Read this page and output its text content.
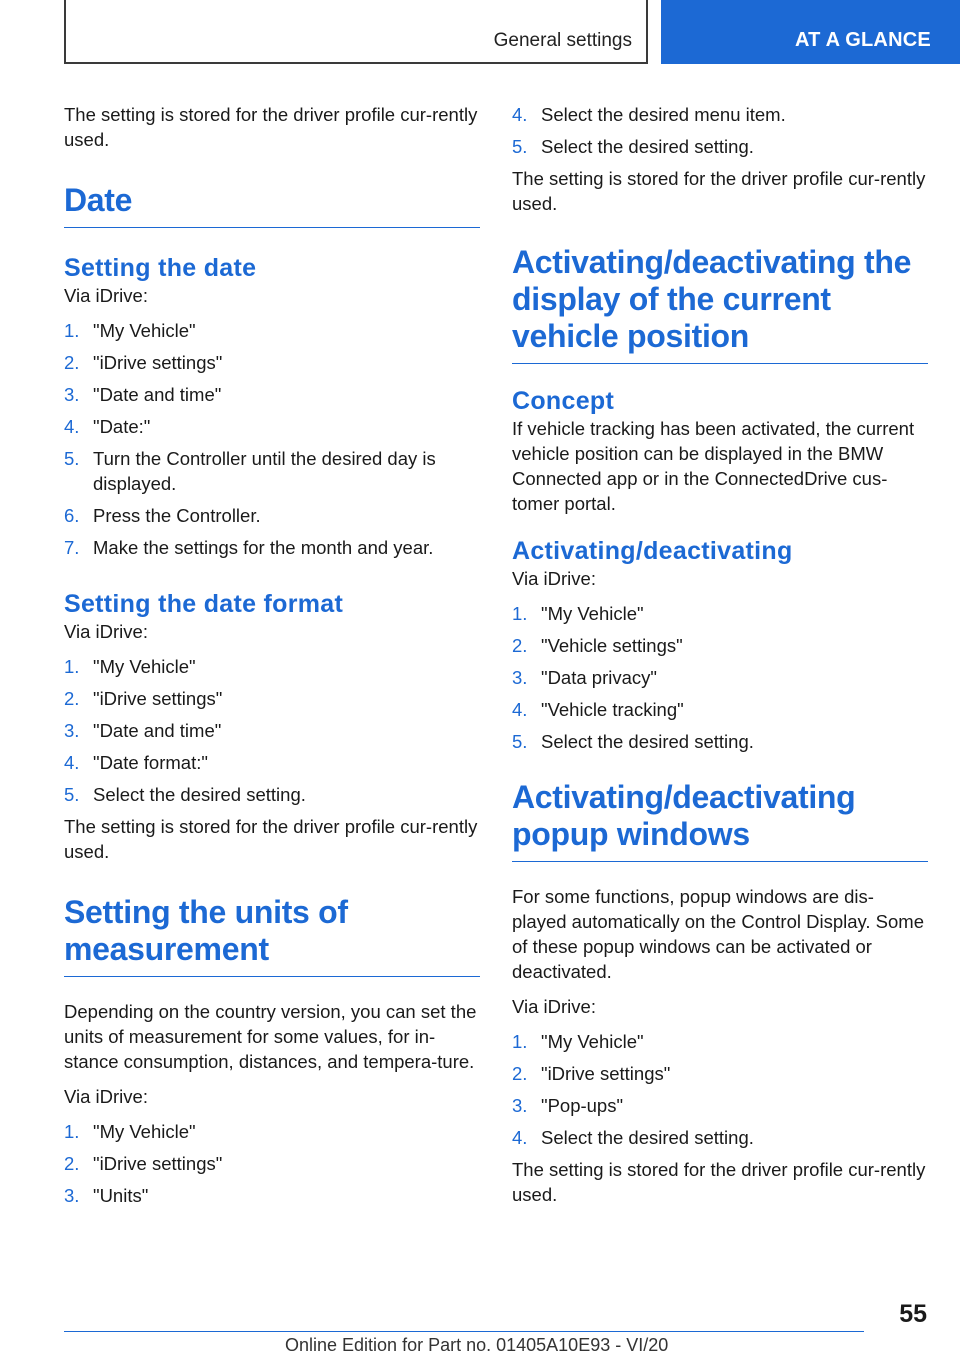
General settings	AT A GLANCE

The setting is stored for the driver profile cur-rently used.

Date
Setting the date

Via iDrive:

1. "My Vehicle"
2. "iDrive settings"
3. "Date and time"
4. "Date:"
5. Turn the Controller until the desired day is displayed.
6. Press the Controller.
7. Make the settings for the month and year.
Setting the date format

Via iDrive:

1. "My Vehicle"
2. "iDrive settings"
3. "Date and time"
4. "Date format:"
5. Select the desired setting.

The setting is stored for the driver profile cur-rently used.

Setting the units of measurement

Depending on the country version, you can set the units of measurement for some values, for in-stance consumption, distances, and tempera-ture.

Via iDrive:

1. "My Vehicle"
2. "iDrive settings"
3. "Units"
4. Select the desired menu item.
5. Select the desired setting.

The setting is stored for the driver profile cur-rently used.

Activating/deactivating the display of the current vehicle position
Concept

If vehicle tracking has been activated, the current vehicle position can be displayed in the BMW Connected app or in the ConnectedDrive cus-tomer portal.

Activating/deactivating

Via iDrive:

1. "My Vehicle"
2. "Vehicle settings"
3. "Data privacy"
4. "Vehicle tracking"
5. Select the desired setting.
Activating/deactivating popup windows

For some functions, popup windows are dis-played automatically on the Control Display. Some of these popup windows can be activated or deactivated.

Via iDrive:

1. "My Vehicle"
2. "iDrive settings"
3. "Pop-ups"
4. Select the desired setting.

The setting is stored for the driver profile cur-rently used.

55
Online Edition for Part no. 01405A10E93 - VI/20
